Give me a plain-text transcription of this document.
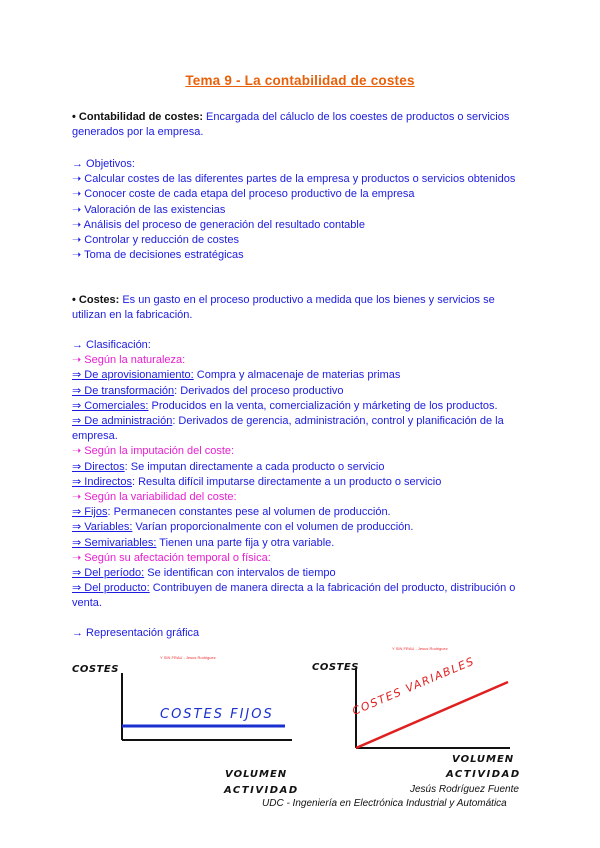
Tema 9 - La contabilidad de costes
• Contabilidad de costes: Encargada del cáluclo de los coestes de productos o servicios generados por la empresa.
→ Objetivos:
➝ Calcular costes de las diferentes partes de la empresa y productos o servicios obtenidos
➝ Conocer coste de cada etapa del proceso productivo de la empresa
➝ Valoración de las existencias
➝ Análisis del proceso de generación del resultado contable
➝ Controlar y reducción de costes
➝ Toma de decisiones estratégicas
• Costes: Es un gasto en el proceso productivo a medida que los bienes y servicios se utilizan en la fabricación.
→ Clasificación:
➝ Según la naturaleza:
⇒ De aprovisionamiento: Compra y almacenaje de materias primas
⇒ De transformación: Derivados del proceso productivo
⇒ Comerciales: Producidos en la venta, comercialización y márketing de los productos.
⇒ De administración: Derivados de gerencia, administración, control y planificación de la empresa.
➝ Según la imputación del coste:
⇒ Directos: Se imputan directamente a cada producto o servicio
⇒ Indirectos: Resulta difícil imputarse directamente a un producto o servicio
➝ Según la variabilidad del coste:
⇒ Fijos: Permanecen constantes pese al volumen de producción.
⇒ Variables: Varían proporcionalmente con el volumen de producción.
⇒ Semivariables: Tienen una parte fija y otra variable.
➝ Según su afectación temporal o física:
⇒ Del período: Se identifican con intervalos de tiempo
⇒ Del producto: Contribuyen de manera directa a la fabricación del producto, distribución o venta.
→ Representación gráfica
COSTES
Y SIN FRAU - Jesus Rodriguez
COSTES FIJOS
VOLUMEN
ACTIVIDAD
COSTES
Y SIN FRAU - Jesus Rodriguez
COSTES VARIABLES
VOLUMEN
ACTIVIDAD
Jesús Rodríguez Fuente
UDC - Ingeniería en Electrónica Industrial y Automática
